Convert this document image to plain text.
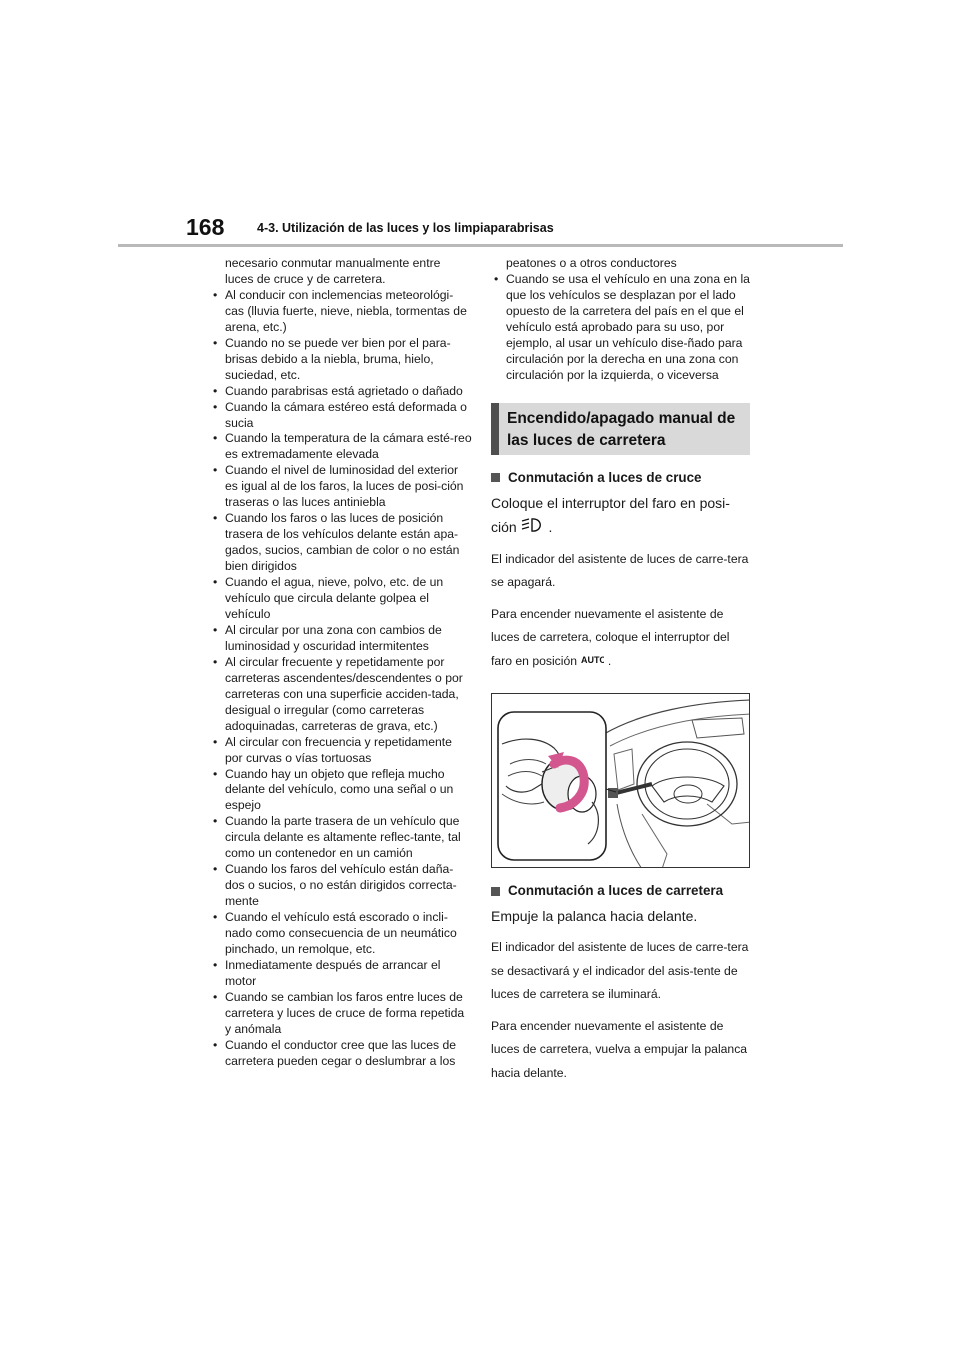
168	4-3. Utilización de las luces y los limpiaparabrisas
necesario conmutar manualmente entre luces de cruce y de carretera.
• Al conducir con inclemencias meteorológi-cas (lluvia fuerte, nieve, niebla, tormentas de arena, etc.)
• Cuando no se puede ver bien por el para-brisas debido a la niebla, bruma, hielo, suciedad, etc.
• Cuando parabrisas está agrietado o dañado
• Cuando la cámara estéreo está deformada o sucia
• Cuando la temperatura de la cámara esté-reo es extremadamente elevada
• Cuando el nivel de luminosidad del exterior es igual al de los faros, la luces de posi-ción traseras o las luces antiniebla
• Cuando los faros o las luces de posición trasera de los vehículos delante están apa-gados, sucios, cambian de color o no están bien dirigidos
• Cuando el agua, nieve, polvo, etc. de un vehículo que circula delante golpea el vehículo
• Al circular por una zona con cambios de luminosidad y oscuridad intermitentes
• Al circular frecuente y repetidamente por carreteras ascendentes/descendentes o por carreteras con una superficie acciden-tada, desigual o irregular (como carreteras adoquinadas, carreteras de grava, etc.)
• Al circular con frecuencia y repetidamente por curvas o vías tortuosas
• Cuando hay un objeto que refleja mucho delante del vehículo, como una señal o un espejo
• Cuando la parte trasera de un vehículo que circula delante es altamente reflec-tante, tal como un contenedor en un camión
• Cuando los faros del vehículo están daña-dos o sucios, o no están dirigidos correcta-mente
• Cuando el vehículo está escorado o incli-nado como consecuencia de un neumático pinchado, un remolque, etc.
• Inmediatamente después de arrancar el motor
• Cuando se cambian los faros entre luces de carretera y luces de cruce de forma repetida y anómala
• Cuando el conductor cree que las luces de carretera pueden cegar o deslumbrar a los
peatones o a otros conductores
• Cuando se usa el vehículo en una zona en la que los vehículos se desplazan por el lado opuesto de la carretera del país en el que el vehículo está aprobado para su uso, por ejemplo, al usar un vehículo dise-ñado para circulación por la derecha en una zona con circulación por la izquierda, o viceversa
Encendido/apagado manual de las luces de carretera
Conmutación a luces de cruce
Coloque el interruptor del faro en posi-ción .
El indicador del asistente de luces de carre-tera se apagará.
Para encender nuevamente el asistente de luces de carretera, coloque el interruptor del faro en posición AUTO .
Conmutación a luces de carretera
Empuje la palanca hacia delante.
El indicador del asistente de luces de carre-tera se desactivará y el indicador del asis-tente de luces de carretera se iluminará.
Para encender nuevamente el asistente de luces de carretera, vuelva a empujar la palanca hacia delante.
